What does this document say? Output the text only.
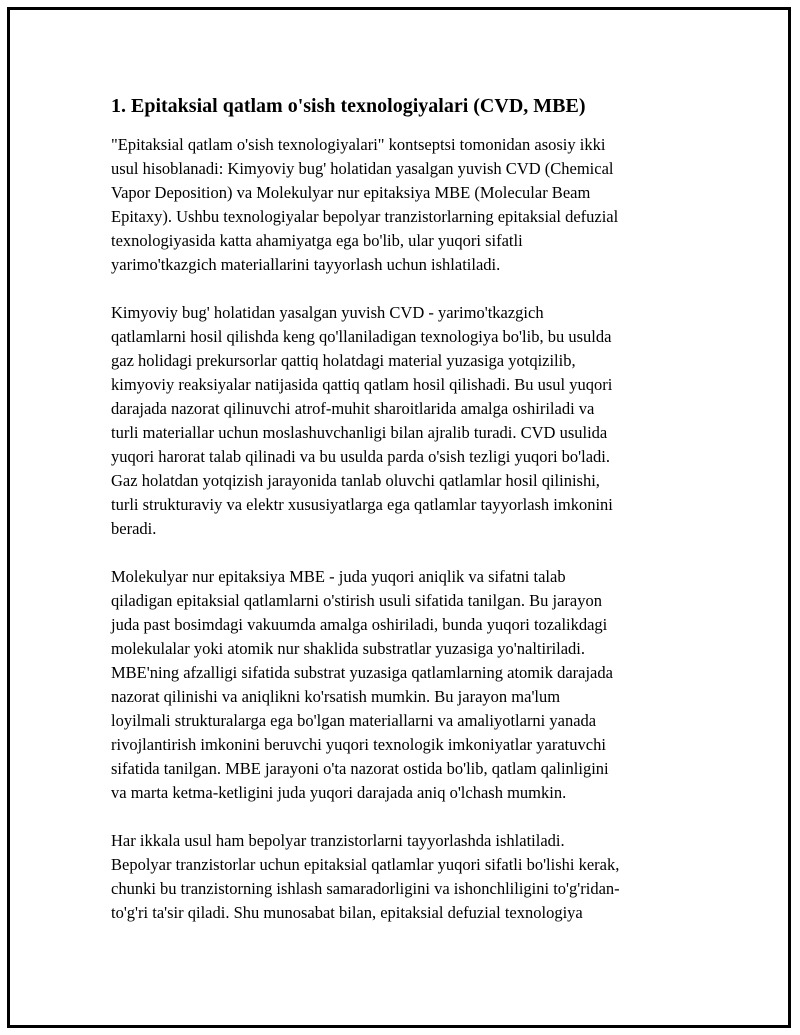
1. Epitaksial qatlam o'sish texnologiyalari (CVD, MBE)

"Epitaksial qatlam o'sish texnologiyalari" kontseptsi tomonidan asosiy ikki
usul hisoblanadi: Kimyoviy bug' holatidan yasalgan yuvish CVD (Chemical
Vapor Deposition) va Molekulyar nur epitaksiya MBE (Molecular Beam
Epitaxy). Ushbu texnologiyalar bepolyar tranzistorlarning epitaksial defuzial
texnologiyasida katta ahamiyatga ega bo'lib, ular yuqori sifatli
yarimo'tkazgich materiallarini tayyorlash uchun ishlatiladi.

Kimyoviy bug' holatidan yasalgan yuvish CVD - yarimo'tkazgich
qatlamlarni hosil qilishda keng qo'llaniladigan texnologiya bo'lib, bu usulda
gaz holidagi prekursorlar qattiq holatdagi material yuzasiga yotqizilib,
kimyoviy reaksiyalar natijasida qattiq qatlam hosil qilishadi. Bu usul yuqori
darajada nazorat qilinuvchi atrof-muhit sharoitlarida amalga oshiriladi va
turli materiallar uchun moslashuvchanligi bilan ajralib turadi. CVD usulida
yuqori harorat talab qilinadi va bu usulda parda o'sish tezligi yuqori bo'ladi.
Gaz holatdan yotqizish jarayonida tanlab oluvchi qatlamlar hosil qilinishi,
turli strukturaviy va elektr xususiyatlarga ega qatlamlar tayyorlash imkonini
beradi.

Molekulyar nur epitaksiya MBE - juda yuqori aniqlik va sifatni talab
qiladigan epitaksial qatlamlarni o'stirish usuli sifatida tanilgan. Bu jarayon
juda past bosimdagi vakuumda amalga oshiriladi, bunda yuqori tozalikdagi
molekulalar yoki atomik nur shaklida substratlar yuzasiga yo'naltiriladi.
MBE'ning afzalligi sifatida substrat yuzasiga qatlamlarning atomik darajada
nazorat qilinishi va aniqlikni ko'rsatish mumkin. Bu jarayon ma'lum
loyilmali strukturalarga ega bo'lgan materiallarni va amaliyotlarni yanada
rivojlantirish imkonini beruvchi yuqori texnologik imkoniyatlar yaratuvchi
sifatida tanilgan. MBE jarayoni o'ta nazorat ostida bo'lib, qatlam qalinligini
va marta ketma-ketligini juda yuqori darajada aniq o'lchash mumkin.

Har ikkala usul ham bepolyar tranzistorlarni tayyorlashda ishlatiladi.
Bepolyar tranzistorlar uchun epitaksial qatlamlar yuqori sifatli bo'lishi kerak,
chunki bu tranzistorning ishlash samaradorligini va ishonchliligini to'g'ridan-
to'g'ri ta'sir qiladi. Shu munosabat bilan, epitaksial defuzial texnologiya
